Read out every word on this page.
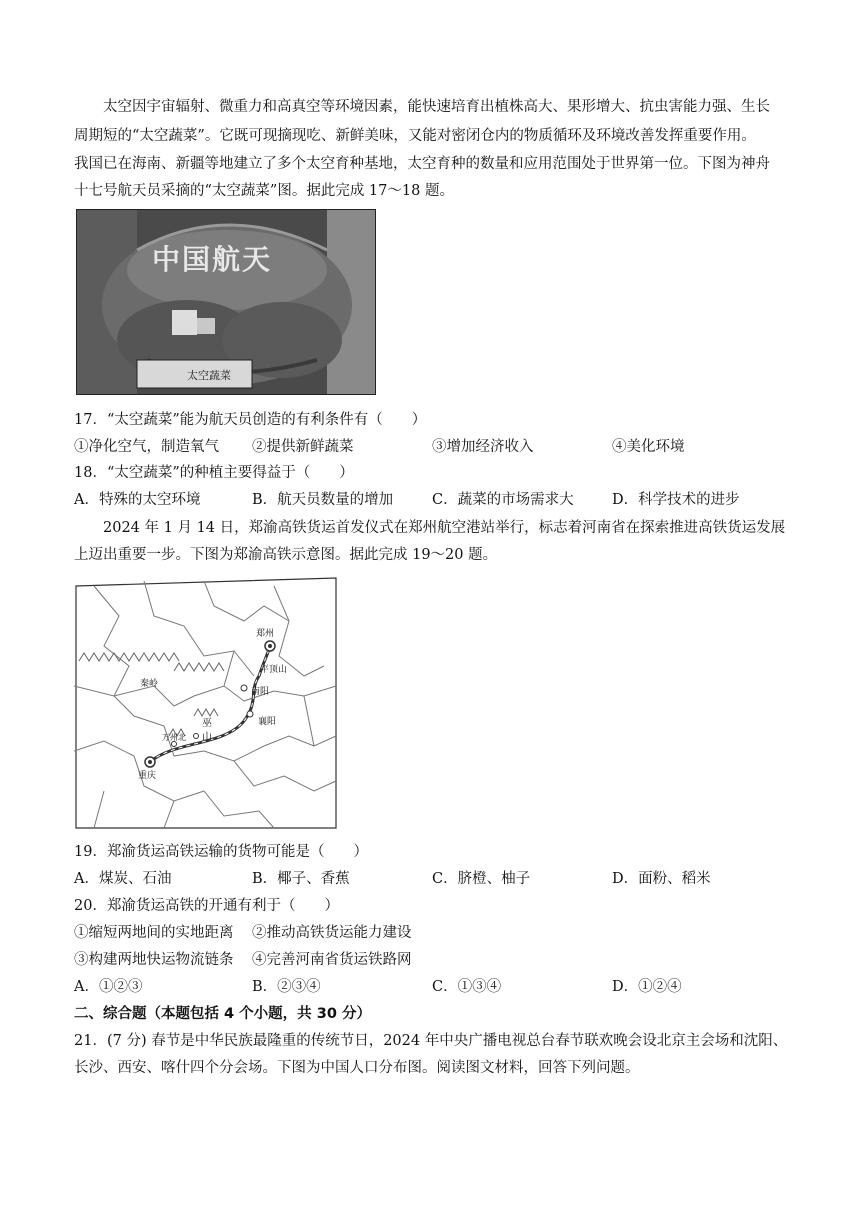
太空因宇宙辐射、微重力和高真空等环境因素，能快速培育出植株高大、果形增大、抗虫害能力强、生长
周期短的“太空蔬菜”。它既可现摘现吃、新鲜美味，又能对密闭仓内的物质循环及环境改善发挥重要作用。
我国已在海南、新疆等地建立了多个太空育种基地，太空育种的数量和应用范围处于世界第一位。下图为神舟
十七号航天员采摘的“太空蔬菜”图。据此完成 17～18 题。
中国航天
太空蔬菜
17．“太空蔬菜”能为航天员创造的有利条件有（　　）
①净化空气，制造氧气 ②提供新鲜蔬菜	③增加经济收入	④美化环境
18．“太空蔬菜”的种植主要得益于（　　）
A．特殊的太空环境	B．航天员数量的增加	C．蔬菜的市场需求大	D．科学技术的进步
2024 年 1 月 14 日，郑渝高铁货运首发仪式在郑州航空港站举行，标志着河南省在探索推进高铁货运发展
上迈出重要一步。下图为郑渝高铁示意图。据此完成 19～20 题。
郑州
平顶山
南阳
襄阳
秦岭
巫
山
万州北
重庆
19．郑渝货运高铁运输的货物可能是（　　）
A．煤炭、石油	B．椰子、香蕉	C．脐橙、柚子	D．面粉、稻米
20．郑渝货运高铁的开通有利于（　　）
①缩短两地间的实地距离 ②推动高铁货运能力建设
③构建两地快运物流链条 ④完善河南省货运铁路网
A．①②③	B．②③④	C．①③④	D．①②④
二、综合题（本题包括 4 个小题，共 30 分）
21．(7 分) 春节是中华民族最隆重的传统节日，2024 年中央广播电视总台春节联欢晚会设北京主会场和沈阳、
长沙、西安、喀什四个分会场。下图为中国人口分布图。阅读图文材料，回答下列问题。
